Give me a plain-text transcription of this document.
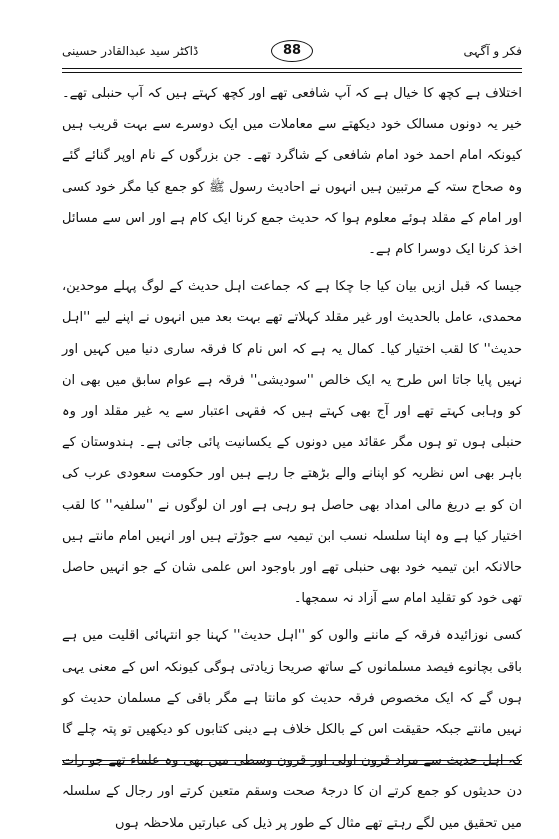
ڈاکٹر سید عبدالقادر حسینی	88	فکر و آگہی

اختلاف ہے کچھ کا خیال ہے کہ آپ شافعی تھے اور کچھ کہتے ہیں کہ آپ حنبلی تھے۔ خیر یہ دونوں مسالک خود دیکھتے سے معاملات میں ایک دوسرے سے بہت قریب ہیں کیونکہ امام احمد خود امام شافعی کے شاگرد تھے۔ جن بزرگوں کے نام اوپر گنائے گئے وہ صحاح ستہ کے مرتبین ہیں انہوں نے احادیث رسول ﷺ کو جمع کیا مگر خود کسی اور امام کے مقلد ہوئے معلوم ہوا کہ حدیث جمع کرنا ایک کام ہے اور اس سے مسائل اخذ کرنا ایک دوسرا کام ہے۔

جیسا کہ قبل ازیں بیان کیا جا چکا ہے کہ جماعت اہل حدیث کے لوگ پہلے موحدین، محمدی، عامل بالحدیث اور غیر مقلد کہلاتے تھے بہت بعد میں انہوں نے اپنے لیے ''اہل حدیث'' کا لقب اختیار کیا۔ کمال یہ ہے کہ اس نام کا فرقہ ساری دنیا میں کہیں اور نہیں پایا جاتا اس طرح یہ ایک خالص ''سودیشی'' فرقہ ہے عوام سابق میں بھی ان کو وہابی کہتے تھے اور آج بھی کہتے ہیں کہ فقہی اعتبار سے یہ غیر مقلد اور وہ حنبلی ہوں تو ہوں مگر عقائد میں دونوں کے یکسانیت پائی جاتی ہے۔ ہندوستان کے باہر بھی اس نظریہ کو اپنانے والے بڑھتے جا رہے ہیں اور حکومت سعودی عرب کی ان کو بے دریغ مالی امداد بھی حاصل ہو رہی ہے اور ان لوگوں نے ''سلفیہ'' کا لقب اختیار کیا ہے وہ اپنا سلسلہ نسب ابن تیمیہ سے جوڑتے ہیں اور انہیں امام مانتے ہیں حالانکہ ابن تیمیہ خود بھی حنبلی تھے اور باوجود اس علمی شان کے جو انہیں حاصل تھی خود کو تقلید امام سے آزاد نہ سمجھا۔

کسی نوزائیدہ فرقہ کے ماننے والوں کو ''اہل حدیث'' کہنا جو انتہائی اقلیت میں ہے باقی بچانوے فیصد مسلمانوں کے ساتھ صریحا زیادتی ہوگی کیونکہ اس کے معنی یہی ہوں گے کہ ایک مخصوص فرقہ حدیث کو مانتا ہے مگر باقی کے مسلمان حدیث کو نہیں مانتے جبکہ حقیقت اس کے بالکل خلاف ہے دینی کتابوں کو دیکھیں تو پتہ چلے گا کہ اہل حدیث سے مراد قرون اولی اور قرون وسطی میں بھی وہ علماء تھے جو رات دن حدیثوں کو جمع کرتے ان کا درجۂ صحت وسقم متعین کرتے اور رجال کے سلسلہ میں تحقیق میں لگے رہتے تھے مثال کے طور پر ذیل کی عبارتیں ملاحظہ ہوں
